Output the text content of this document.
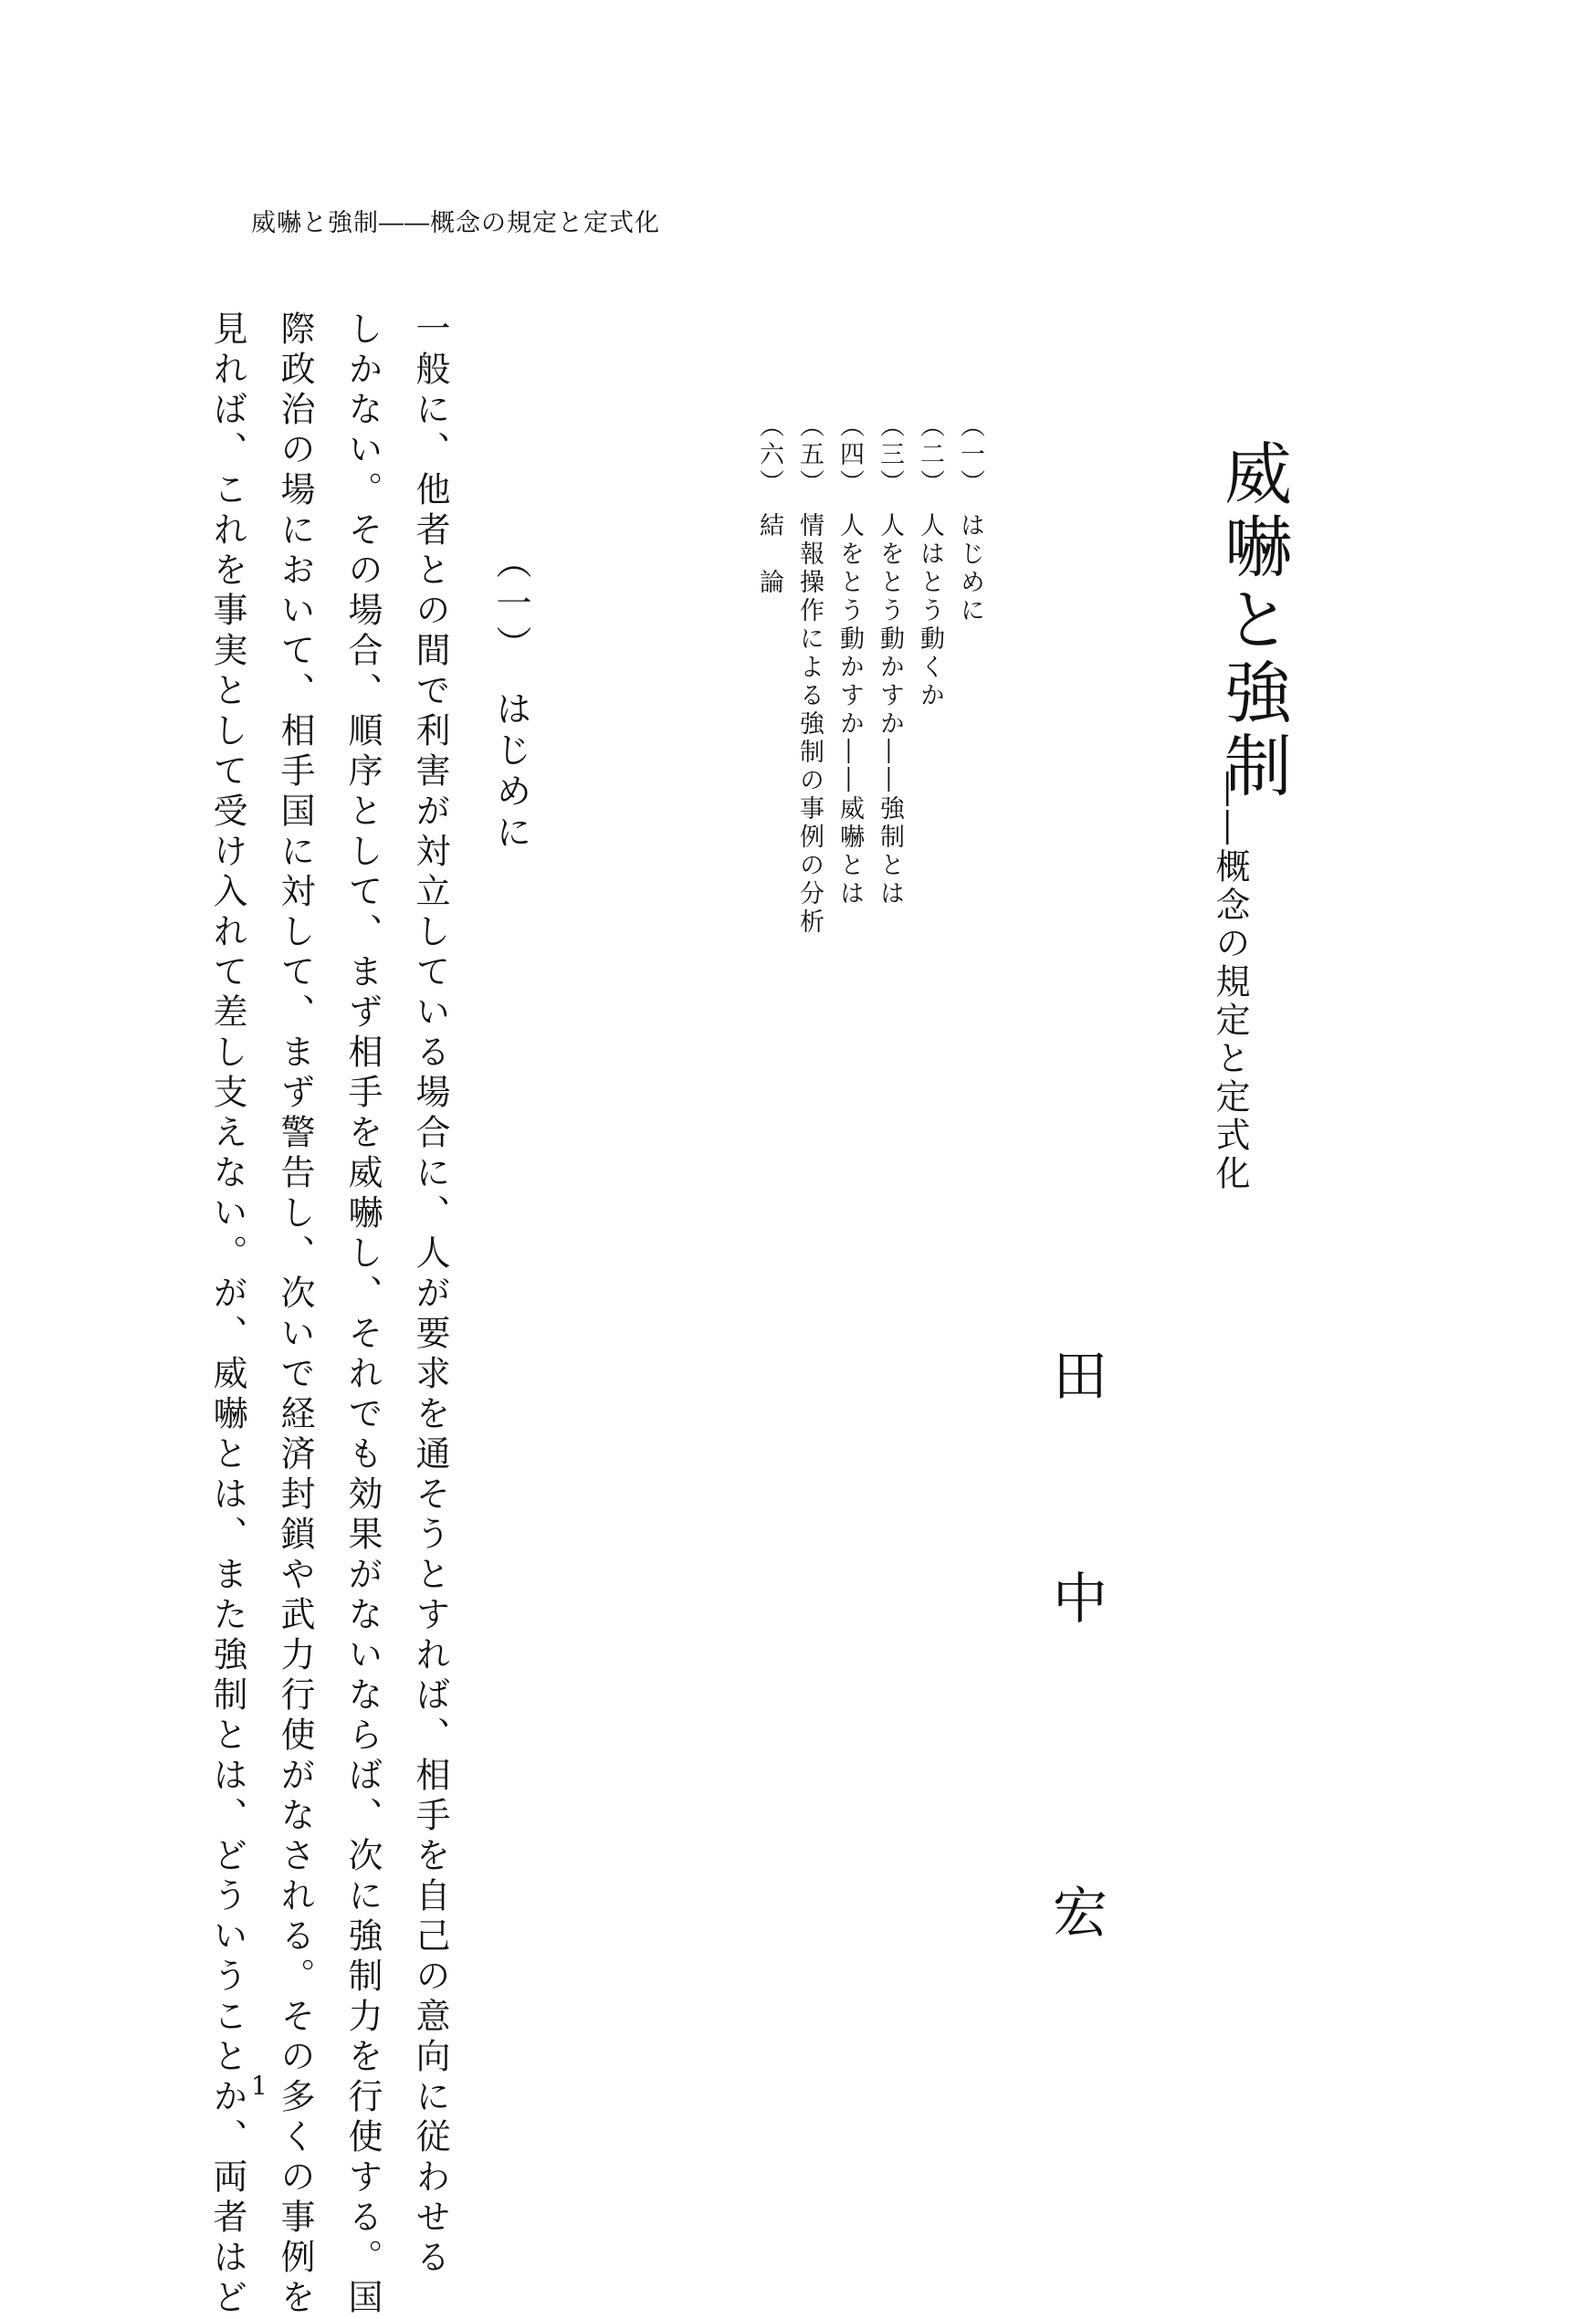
威嚇と強制――概念の規定と定式化
威嚇と強制
――概念の規定と定式化
田
中
宏
（一）はじめに
（二）人はとう動くか
（三）人をとう動かすか――強制とは
（四）人をとう動かすか――威嚇とは
（五）情報操作による強制の事例の分析
（六）結　論
（一）はじめに
一般に、他者との間で利害が対立している場合に、人が要求を通そうとすれば、相手を自己の意向に従わせる
しかない。その場合、順序として、まず相手を威嚇し、それでも効果がないならば、次に強制力を行使する。国
際政治の場において、相手国に対して、まず警告し、次いで経済封鎖や武力行使がなされる。その多くの事例を
見れば、これを事実として受け入れて差し支えない。が、威嚇とは、また強制とは、どういうことか、両者はど 1
